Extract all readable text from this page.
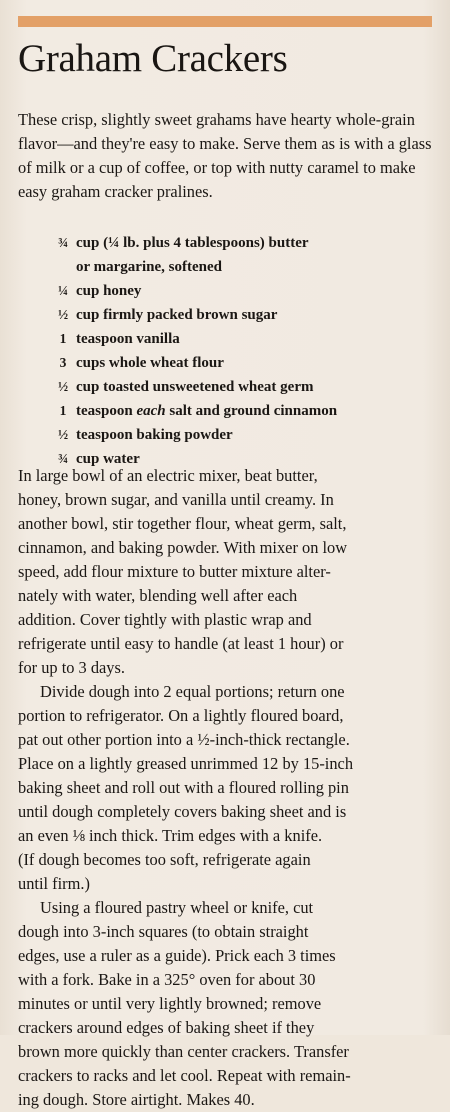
Graham Crackers

These crisp, slightly sweet grahams have hearty whole-grain flavor—and they're easy to make. Serve them as is with a glass of milk or a cup of coffee, or top with nutty caramel to make easy graham cracker pralines.

¾ cup (¼ lb. plus 4 tablespoons) butter
or margarine, softened
¼ cup honey
½ cup firmly packed brown sugar
1 teaspoon vanilla
3 cups whole wheat flour
½ cup toasted unsweetened wheat germ
1 teaspoon each salt and ground cinnamon
½ teaspoon baking powder
¾ cup water

In large bowl of an electric mixer, beat butter,
honey, brown sugar, and vanilla until creamy. In
another bowl, stir together flour, wheat germ, salt,
cinnamon, and baking powder. With mixer on low
speed, add flour mixture to butter mixture alter-
nately with water, blending well after each
addition. Cover tightly with plastic wrap and
refrigerate until easy to handle (at least 1 hour) or
for up to 3 days.

Divide dough into 2 equal portions; return one
portion to refrigerator. On a lightly floured board,
pat out other portion into a ½-inch-thick rectangle.
Place on a lightly greased unrimmed 12 by 15-inch
baking sheet and roll out with a floured rolling pin
until dough completely covers baking sheet and is
an even ⅛ inch thick. Trim edges with a knife.
(If dough becomes too soft, refrigerate again
until firm.)

Using a floured pastry wheel or knife, cut
dough into 3-inch squares (to obtain straight
edges, use a ruler as a guide). Prick each 3 times
with a fork. Bake in a 325° oven for about 30
minutes or until very lightly browned; remove
crackers around edges of baking sheet if they
brown more quickly than center crackers. Transfer
crackers to racks and let cool. Repeat with remain-
ing dough. Store airtight. Makes 40.
